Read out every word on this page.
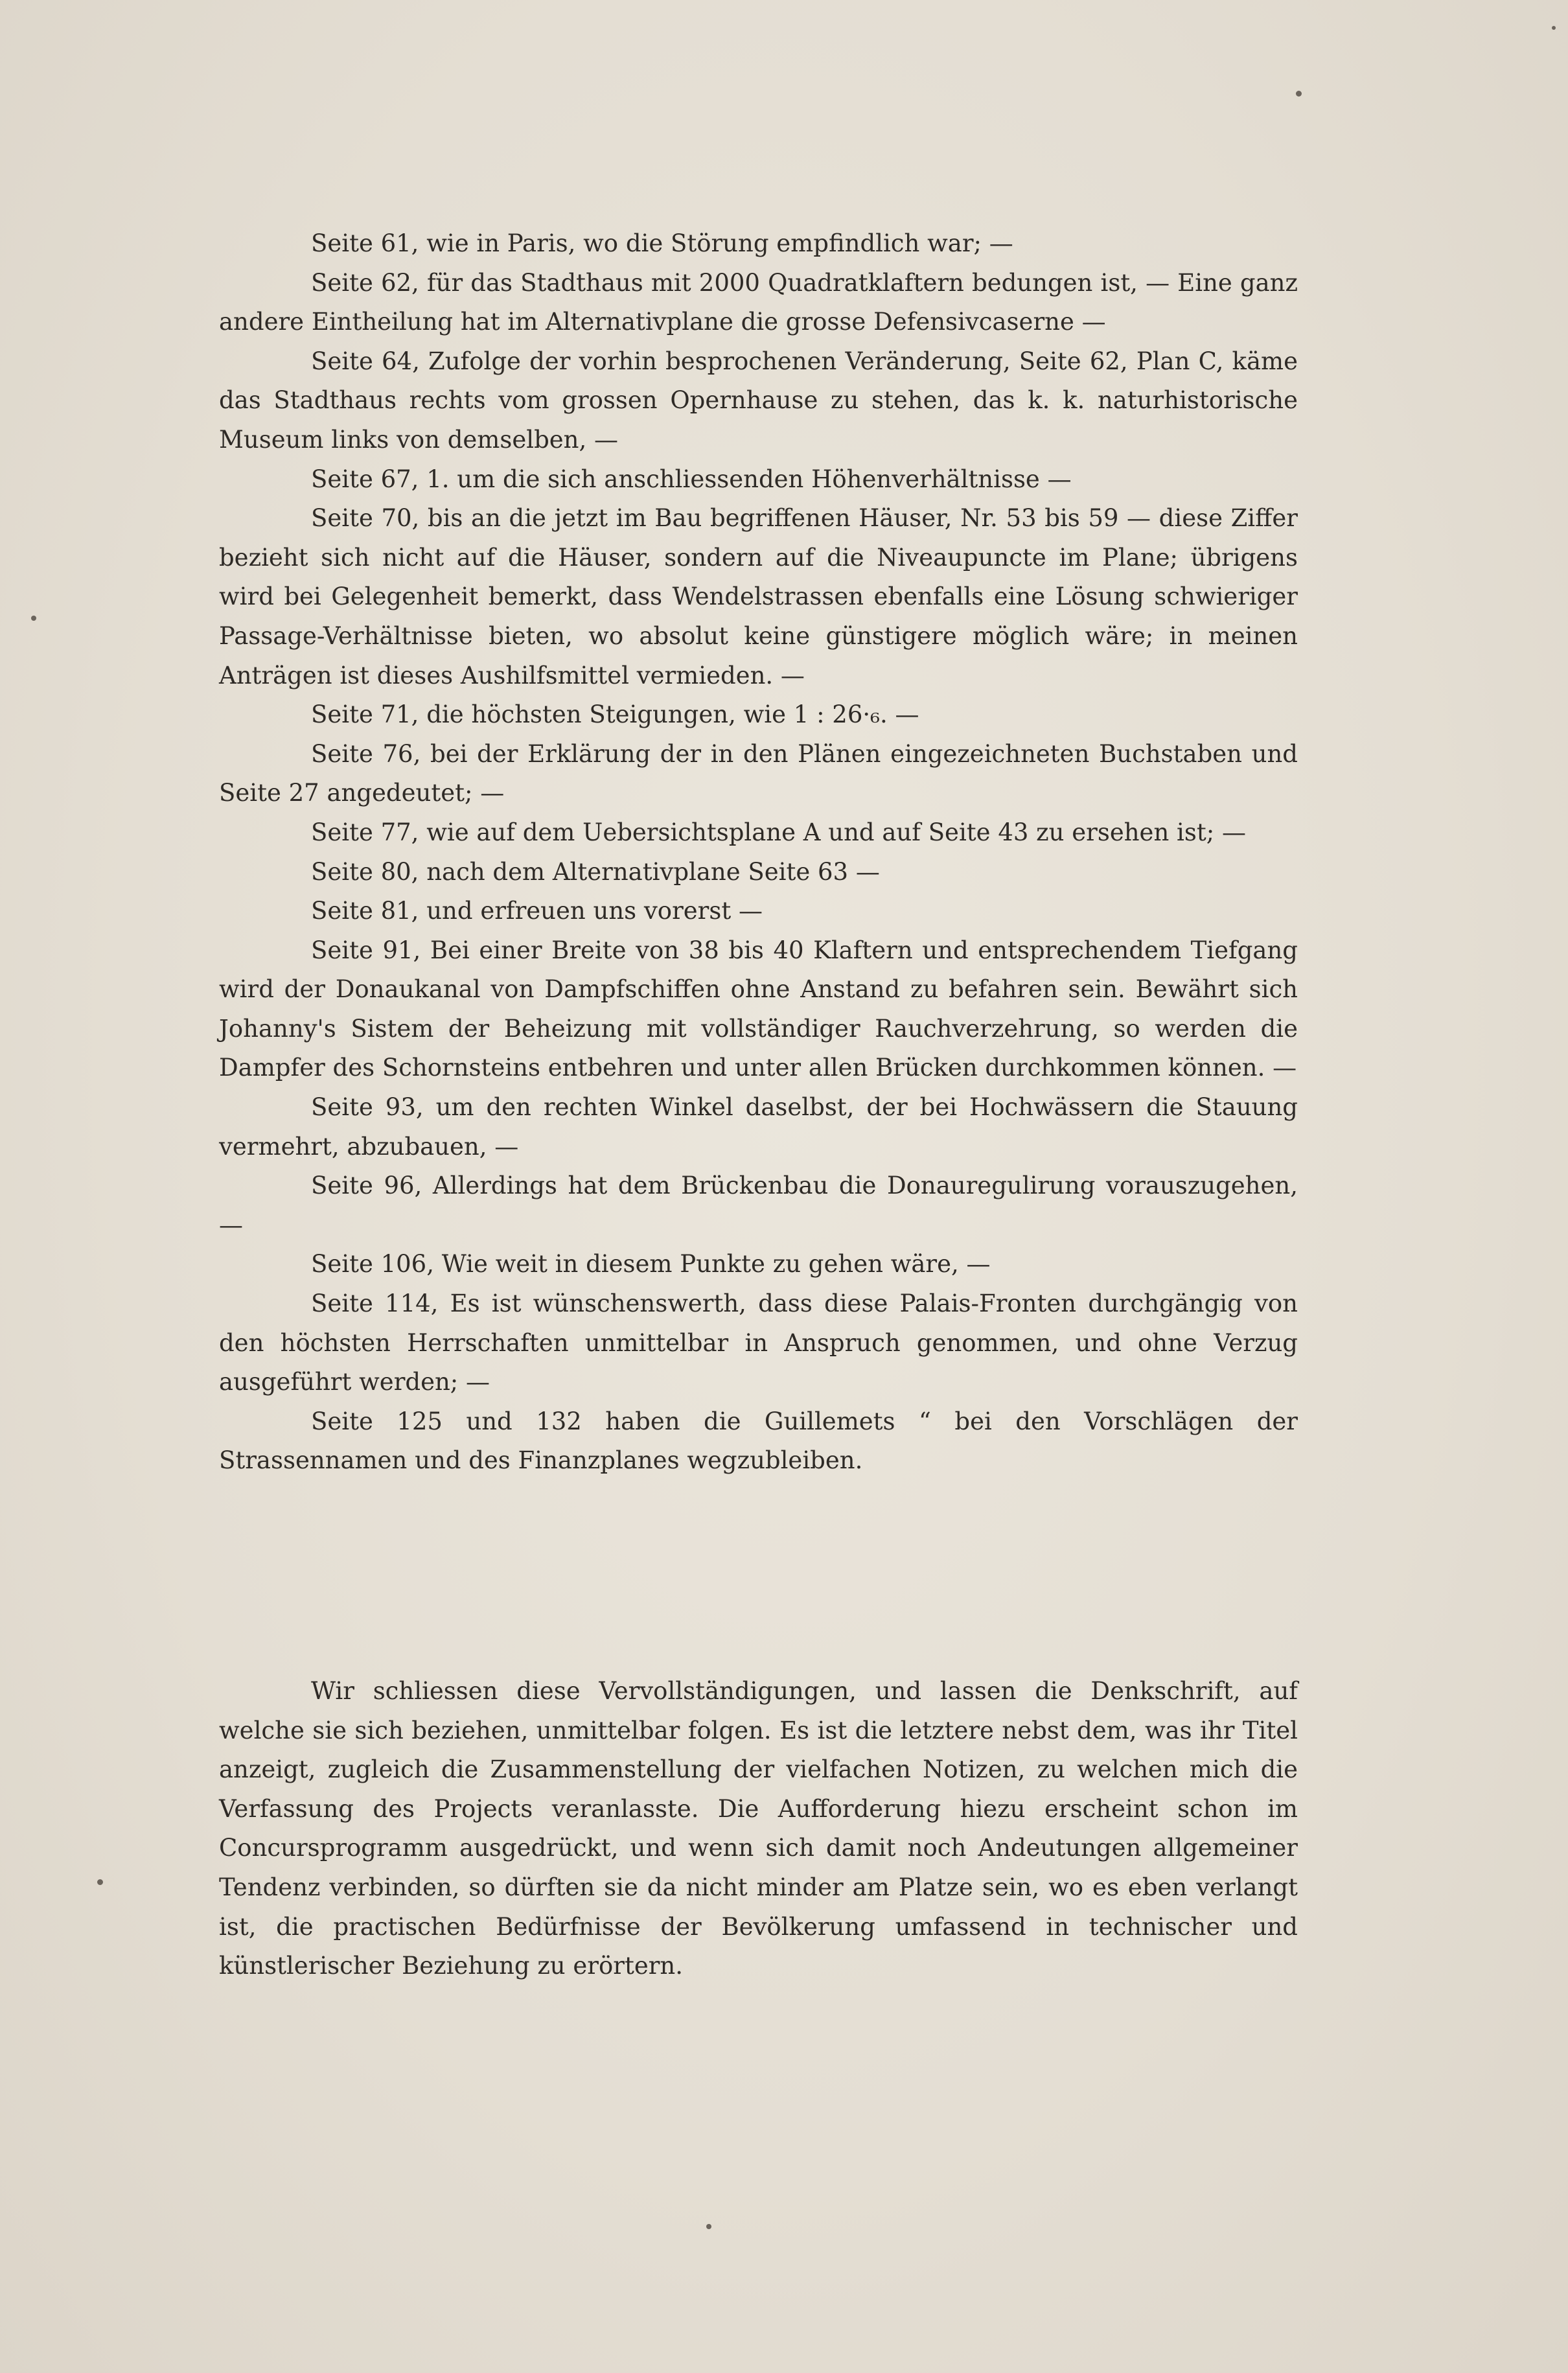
Seite 61, wie in Paris, wo die Störung empfindlich war; —

Seite 62, für das Stadthaus mit 2000 Quadratklaftern bedungen ist, — Eine ganz andere Eintheilung hat im Alternativplane die grosse Defensivcaserne —

Seite 64, Zufolge der vorhin besprochenen Veränderung, Seite 62, Plan C, käme das Stadthaus rechts vom grossen Opernhause zu stehen, das k. k. naturhistorische Museum links von demselben, —

Seite 67, 1. um die sich anschliessenden Höhenverhältnisse —

Seite 70, bis an die jetzt im Bau begriffenen Häuser, Nr. 53 bis 59 — diese Ziffer bezieht sich nicht auf die Häuser, sondern auf die Niveaupuncte im Plane; übrigens wird bei Gelegenheit bemerkt, dass Wendelstrassen ebenfalls eine Lösung schwieriger Passage-Verhältnisse bieten, wo absolut keine günstigere möglich wäre; in meinen Anträgen ist dieses Aushilfsmittel vermieden. —

Seite 71, die höchsten Steigungen, wie 1 : 26·₆. —

Seite 76, bei der Erklärung der in den Plänen eingezeichneten Buchstaben und Seite 27 angedeutet; —

Seite 77, wie auf dem Uebersichtsplane A und auf Seite 43 zu ersehen ist; —

Seite 80, nach dem Alternativplane Seite 63 —

Seite 81, und erfreuen uns vorerst —

Seite 91, Bei einer Breite von 38 bis 40 Klaftern und entsprechendem Tiefgang wird der Donaukanal von Dampfschiffen ohne Anstand zu befahren sein. Bewährt sich Johanny's Sistem der Beheizung mit vollständiger Rauchverzehrung, so werden die Dampfer des Schornsteins entbehren und unter allen Brücken durchkommen können. —

Seite 93, um den rechten Winkel daselbst, der bei Hochwässern die Stauung vermehrt, abzubauen, —

Seite 96, Allerdings hat dem Brückenbau die Donauregulirung vorauszugehen, —

Seite 106, Wie weit in diesem Punkte zu gehen wäre, —

Seite 114, Es ist wünschenswerth, dass diese Palais-Fronten durchgängig von den höchsten Herrschaften unmittelbar in Anspruch genommen, und ohne Verzug ausgeführt werden; —

Seite 125 und 132 haben die Guillemets “ bei den Vorschlägen der Strassennamen und des Finanzplanes wegzubleiben.

Wir schliessen diese Vervollständigungen, und lassen die Denkschrift, auf welche sie sich beziehen, unmittelbar folgen. Es ist die letztere nebst dem, was ihr Titel anzeigt, zugleich die Zusammenstellung der vielfachen Notizen, zu welchen mich die Verfassung des Projects veranlasste. Die Aufforderung hiezu erscheint schon im Concursprogramm ausgedrückt, und wenn sich damit noch Andeutungen allgemeiner Tendenz verbinden, so dürften sie da nicht minder am Platze sein, wo es eben verlangt ist, die practischen Bedürfnisse der Bevölkerung umfassend in technischer und künstlerischer Beziehung zu erörtern.
